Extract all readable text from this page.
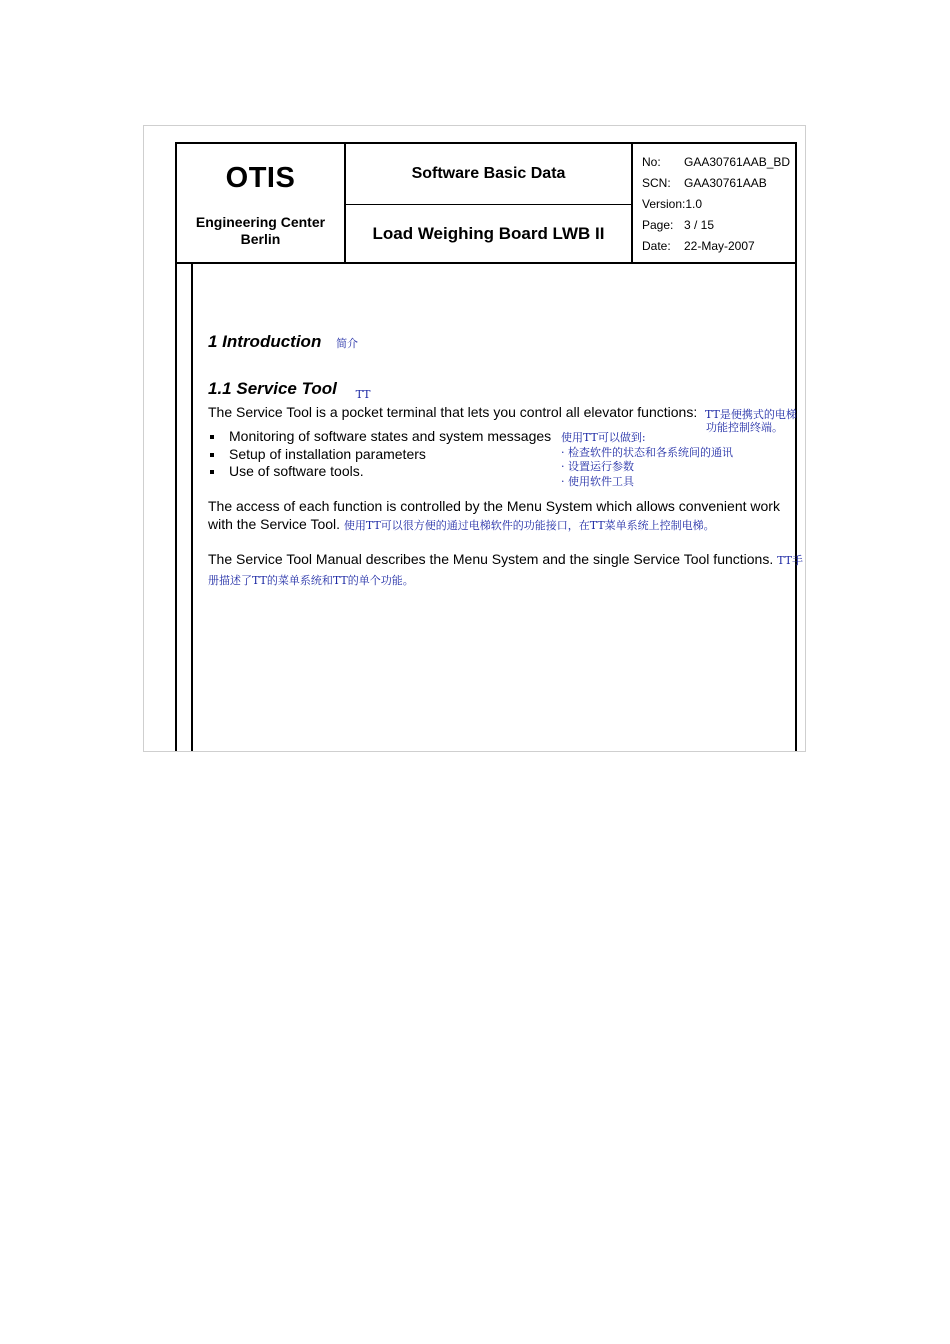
OTIS
Engineering Center
Berlin
Software Basic Data
Load Weighing Board LWB II
No:	GAA30761AAB_BD
SCN:	GAA30761AAB
Version:1.0
Page: 3 / 15
Date:	22-May-2007
1 Introduction 简介
1.1 Service Tool $_{TT}$
The Service Tool is a pocket terminal that lets you control all elevator functions: TT是便携式的电梯
功能控制终端。
Monitoring of software states and system messages
Setup of installation parameters
Use of software tools.
使用TT可以做到:
· 检查软件的状态和各系统间的通讯
· 设置运行参数
· 使用软件工具
The access of each function is controlled by the Menu System which allows convenient work with the Service Tool. 使用TT可以很方便的通过电梯软件的功能接口，在TT菜单系统上控制电梯。
The Service Tool Manual describes the Menu System and the single Service Tool functions. TT手册描述了TT的菜单系统和TT的单个功能。
